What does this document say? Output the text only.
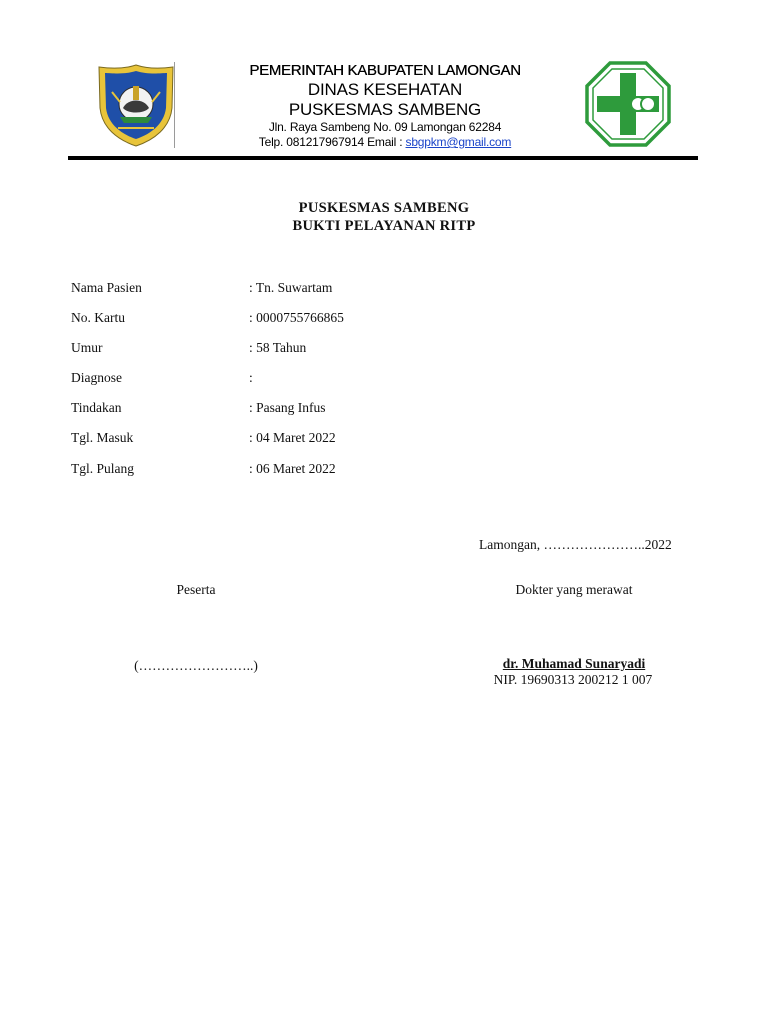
PEMERINTAH KABUPATEN LAMONGAN
DINAS KESEHATAN
PUSKESMAS SAMBENG
Jln. Raya Sambeng No. 09 Lamongan 62284
Telp. 081217967914 Email : sbgpkm@gmail.com
PUSKESMAS SAMBENG
BUKTI PELAYANAN RITP
Nama Pasien	: Tn. Suwartam
No. Kartu	: 0000755766865
Umur	: 58 Tahun
Diagnose	:
Tindakan	: Pasang Infus
Tgl. Masuk	: 04 Maret 2022
Tgl. Pulang	: 06 Maret 2022
Lamongan, …………………..2022
Peserta	Dokter yang merawat
(……………………..)	dr. Muhamad Sunaryadi
NIP. 19690313 200212 1 007
